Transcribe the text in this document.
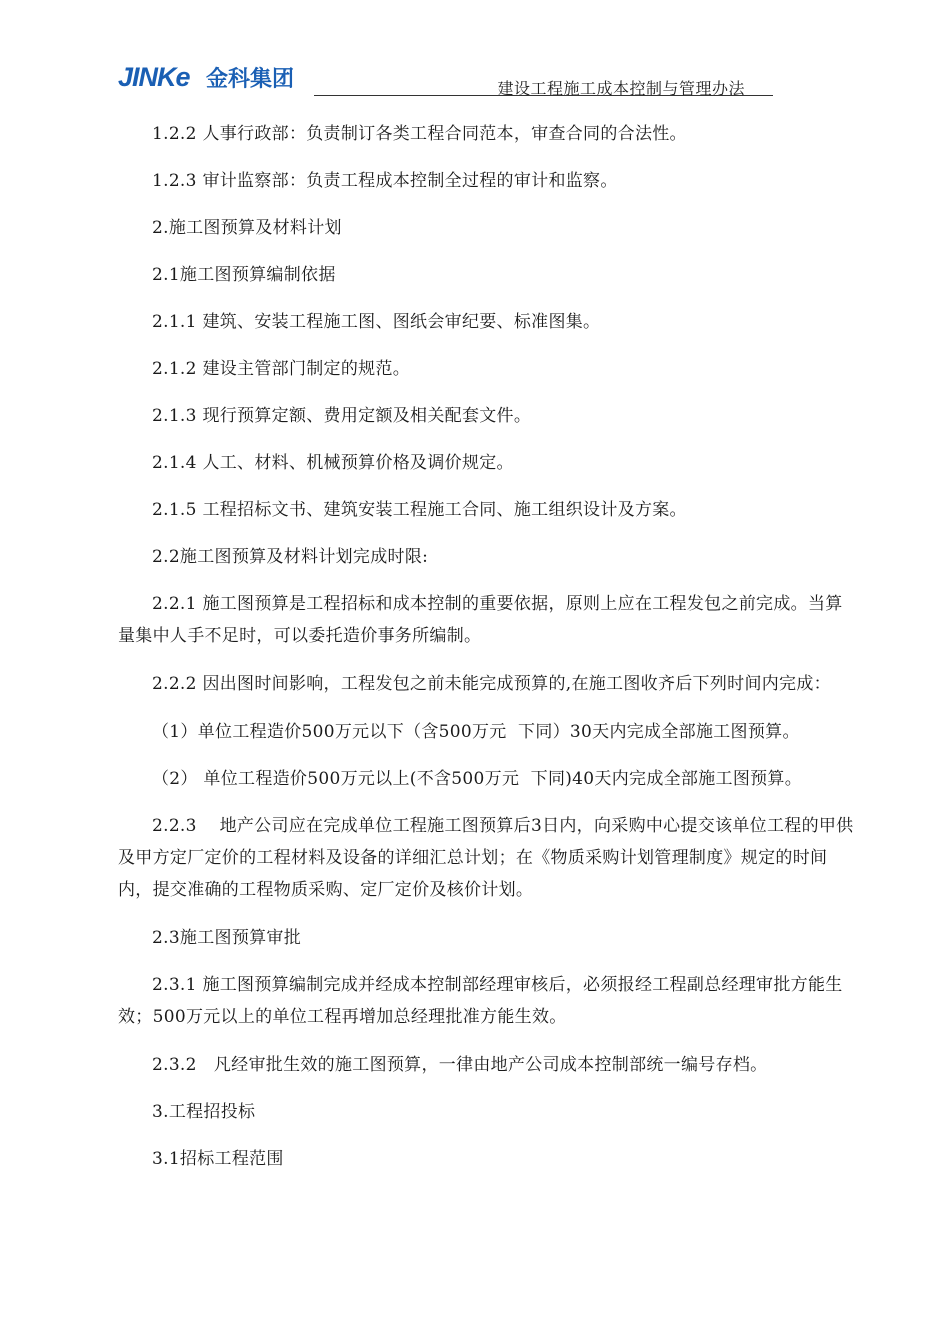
JINKe 金科集团	建设工程施工成本控制与管理办法

1.2.2 人事行政部：负责制订各类工程合同范本，审查合同的合法性。

1.2.3 审计监察部：负责工程成本控制全过程的审计和监察。

2.施工图预算及材料计划

2.1施工图预算编制依据

2.1.1 建筑、安装工程施工图、图纸会审纪要、标准图集。

2.1.2 建设主管部门制定的规范。

2.1.3 现行预算定额、费用定额及相关配套文件。

2.1.4 人工、材料、机械预算价格及调价规定。

2.1.5 工程招标文书、建筑安装工程施工合同、施工组织设计及方案。

2.2施工图预算及材料计划完成时限:

2.2.1 施工图预算是工程招标和成本控制的重要依据，原则上应在工程发包之前完成。当算量集中人手不足时，可以委托造价事务所编制。

2.2.2 因出图时间影响，工程发包之前未能完成预算的,在施工图收齐后下列时间内完成：

（1）单位工程造价500万元以下（含500万元  下同）30天内完成全部施工图预算。

（2） 单位工程造价500万元以上(不含500万元  下同)40天内完成全部施工图预算。

2.2.3    地产公司应在完成单位工程施工图预算后3日内，向采购中心提交该单位工程的甲供及甲方定厂定价的工程材料及设备的详细汇总计划；在《物质采购计划管理制度》规定的时间内，提交准确的工程物质采购、定厂定价及核价计划。

2.3施工图预算审批

2.3.1 施工图预算编制完成并经成本控制部经理审核后，必须报经工程副总经理审批方能生效；500万元以上的单位工程再增加总经理批准方能生效。

2.3.2   凡经审批生效的施工图预算，一律由地产公司成本控制部统一编号存档。

3.工程招投标

3.1招标工程范围
